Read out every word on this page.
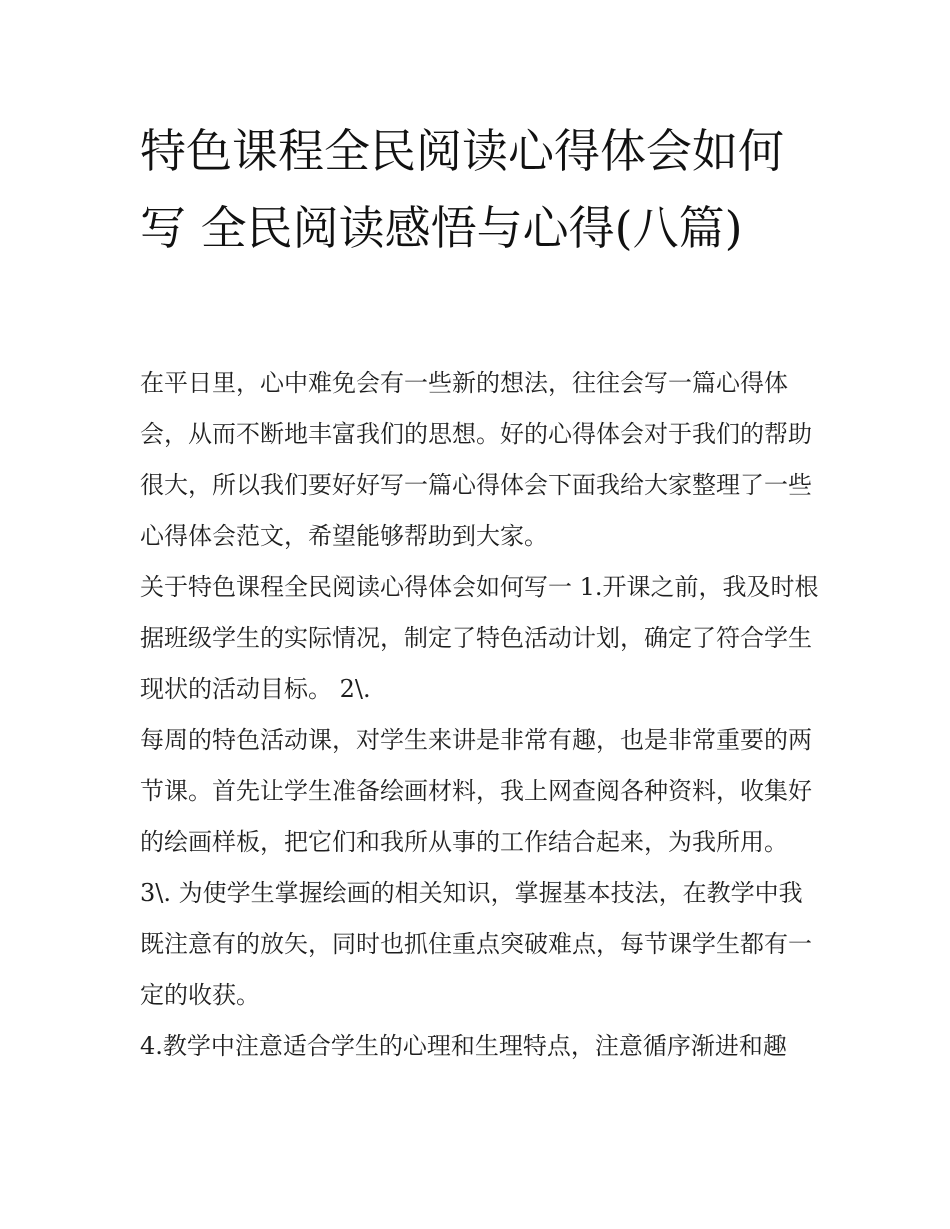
特色课程全民阅读心得体会如何写 全民阅读感悟与心得(八篇)

在平日里，心中难免会有一些新的想法，往往会写一篇心得体会，从而不断地丰富我们的思想。好的心得体会对于我们的帮助很大，所以我们要好好写一篇心得体会下面我给大家整理了一些心得体会范文，希望能够帮助到大家。

关于特色课程全民阅读心得体会如何写一 1.开课之前，我及时根据班级学生的实际情况，制定了特色活动计划，确定了符合学生现状的活动目标。 2\.

每周的特色活动课，对学生来讲是非常有趣，也是非常重要的两节课。首先让学生准备绘画材料，我上网查阅各种资料，收集好的绘画样板，把它们和我所从事的工作结合起来，为我所用。

3\. 为使学生掌握绘画的相关知识，掌握基本技法，在教学中我既注意有的放矢，同时也抓住重点突破难点，每节课学生都有一定的收获。

4.教学中注意适合学生的心理和生理特点，注意循序渐进和趣
